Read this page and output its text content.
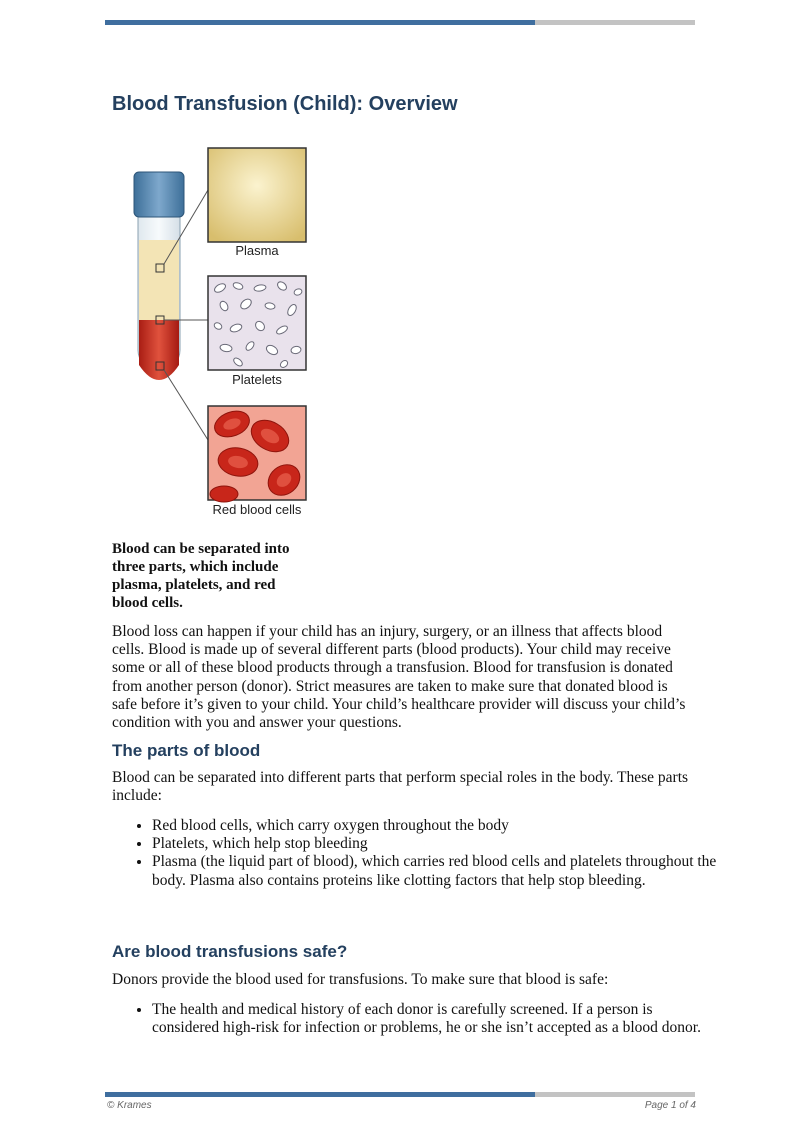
Blood Transfusion (Child): Overview
Plasma
Platelets
Red blood cells

Blood can be separated into three parts, which include plasma, platelets, and red blood cells.

Blood loss can happen if your child has an injury, surgery, or an illness that affects blood cells. Blood is made up of several different parts (blood products). Your child may receive some or all of these blood products through a transfusion. Blood for transfusion is donated from another person (donor). Strict measures are taken to make sure that donated blood is safe before it’s given to your child. Your child’s healthcare provider will discuss your child’s condition with you and answer your questions.

The parts of blood

Blood can be separated into different parts that perform special roles in the body. These parts include:

• Red blood cells, which carry oxygen throughout the body
• Platelets, which help stop bleeding
• Plasma (the liquid part of blood), which carries red blood cells and platelets throughout the body. Plasma also contains proteins like clotting factors that help stop bleeding.
Are blood transfusions safe?

Donors provide the blood used for transfusions. To make sure that blood is safe:

• The health and medical history of each donor is carefully screened. If a person is considered high-risk for infection or problems, he or she isn’t accepted as a blood donor.
© Krames	Page 1 of 4
